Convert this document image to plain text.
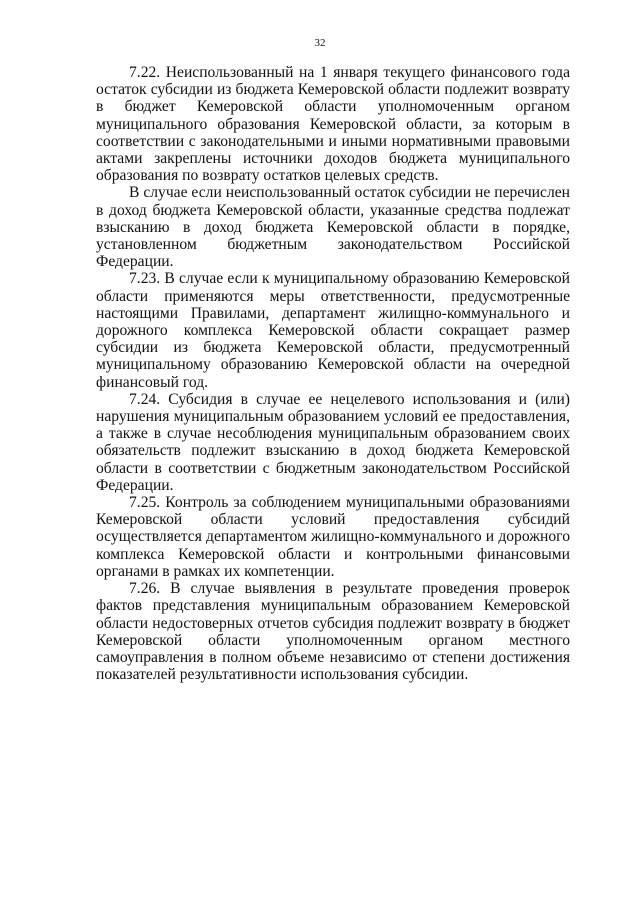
32

7.22. Неиспользованный на 1 января текущего финансового года остаток субсидии из бюджета Кемеровской области подлежит возврату в бюджет Кемеровской области уполномоченным органом муниципального образования Кемеровской области, за которым в соответствии с законодательными и иными нормативными правовыми актами закреплены источники доходов бюджета муниципального образования по возврату остатков целевых средств.

В случае если неиспользованный остаток субсидии не перечислен в доход бюджета Кемеровской области, указанные средства подлежат взысканию в доход бюджета Кемеровской области в порядке, установленном бюджетным законодательством Российской Федерации.

7.23. В случае если к муниципальному образованию Кемеровской области применяются меры ответственности, предусмотренные настоящими Правилами, департамент жилищно-коммунального и дорожного комплекса Кемеровской области сокращает размер субсидии из бюджета Кемеровской области, предусмотренный муниципальному образованию Кемеровской области на очередной финансовый год.

7.24. Субсидия в случае ее нецелевого использования и (или) нарушения муниципальным образованием условий ее предоставления, а также в случае несоблюдения муниципальным образованием своих обязательств подлежит взысканию в доход бюджета Кемеровской области в соответствии с бюджетным законодательством Российской Федерации.

7.25. Контроль за соблюдением муниципальными образованиями Кемеровской области условий предоставления субсидий осуществляется департаментом жилищно-коммунального и дорожного комплекса Кемеровской области и контрольными финансовыми органами в рамках их компетенции.

7.26. В случае выявления в результате проведения проверок фактов представления муниципальным образованием Кемеровской области недостоверных отчетов субсидия подлежит возврату в бюджет Кемеровской области уполномоченным органом местного самоуправления в полном объеме независимо от степени достижения показателей результативности использования субсидии.
